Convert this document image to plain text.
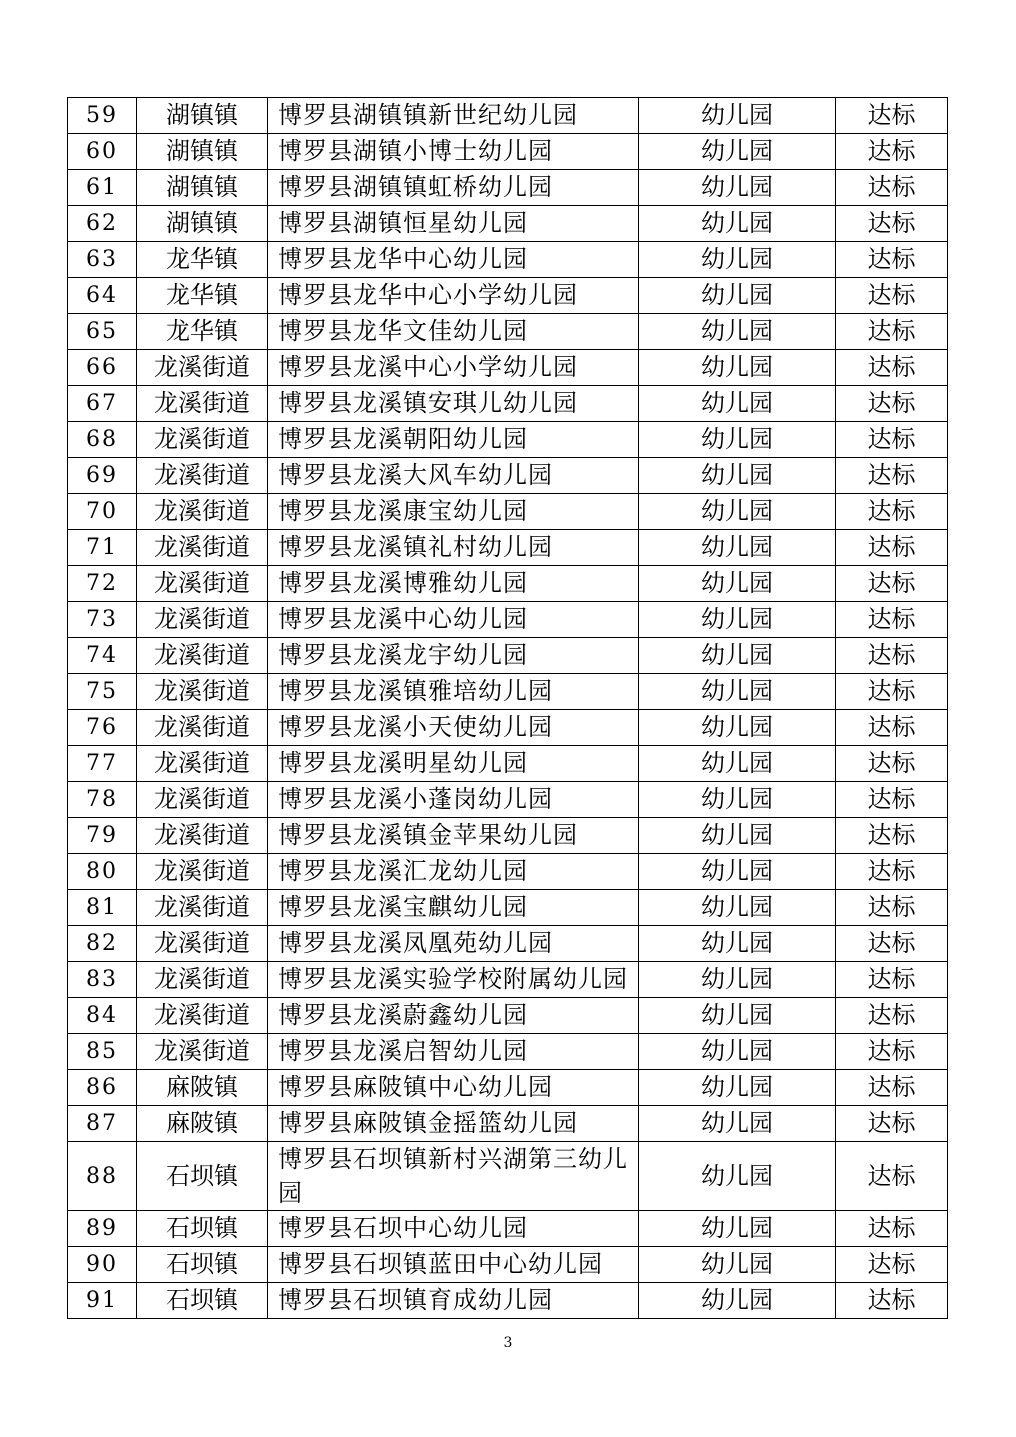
59	湖镇镇	博罗县湖镇镇新世纪幼儿园	幼儿园	达标
60	湖镇镇	博罗县湖镇小博士幼儿园	幼儿园	达标
61	湖镇镇	博罗县湖镇镇虹桥幼儿园	幼儿园	达标
62	湖镇镇	博罗县湖镇恒星幼儿园	幼儿园	达标
63	龙华镇	博罗县龙华中心幼儿园	幼儿园	达标
64	龙华镇	博罗县龙华中心小学幼儿园	幼儿园	达标
65	龙华镇	博罗县龙华文佳幼儿园	幼儿园	达标
66	龙溪街道	博罗县龙溪中心小学幼儿园	幼儿园	达标
67	龙溪街道	博罗县龙溪镇安琪儿幼儿园	幼儿园	达标
68	龙溪街道	博罗县龙溪朝阳幼儿园	幼儿园	达标
69	龙溪街道	博罗县龙溪大风车幼儿园	幼儿园	达标
70	龙溪街道	博罗县龙溪康宝幼儿园	幼儿园	达标
71	龙溪街道	博罗县龙溪镇礼村幼儿园	幼儿园	达标
72	龙溪街道	博罗县龙溪博雅幼儿园	幼儿园	达标
73	龙溪街道	博罗县龙溪中心幼儿园	幼儿园	达标
74	龙溪街道	博罗县龙溪龙宇幼儿园	幼儿园	达标
75	龙溪街道	博罗县龙溪镇雅培幼儿园	幼儿园	达标
76	龙溪街道	博罗县龙溪小天使幼儿园	幼儿园	达标
77	龙溪街道	博罗县龙溪明星幼儿园	幼儿园	达标
78	龙溪街道	博罗县龙溪小蓬岗幼儿园	幼儿园	达标
79	龙溪街道	博罗县龙溪镇金苹果幼儿园	幼儿园	达标
80	龙溪街道	博罗县龙溪汇龙幼儿园	幼儿园	达标
81	龙溪街道	博罗县龙溪宝麒幼儿园	幼儿园	达标
82	龙溪街道	博罗县龙溪凤凰苑幼儿园	幼儿园	达标
83	龙溪街道	博罗县龙溪实验学校附属幼儿园	幼儿园	达标
84	龙溪街道	博罗县龙溪蔚鑫幼儿园	幼儿园	达标
85	龙溪街道	博罗县龙溪启智幼儿园	幼儿园	达标
86	麻陂镇	博罗县麻陂镇中心幼儿园	幼儿园	达标
87	麻陂镇	博罗县麻陂镇金摇篮幼儿园	幼儿园	达标
88	石坝镇	博罗县石坝镇新村兴湖第三幼儿园	幼儿园	达标
89	石坝镇	博罗县石坝中心幼儿园	幼儿园	达标
90	石坝镇	博罗县石坝镇蓝田中心幼儿园	幼儿园	达标
91	石坝镇	博罗县石坝镇育成幼儿园	幼儿园	达标
3
